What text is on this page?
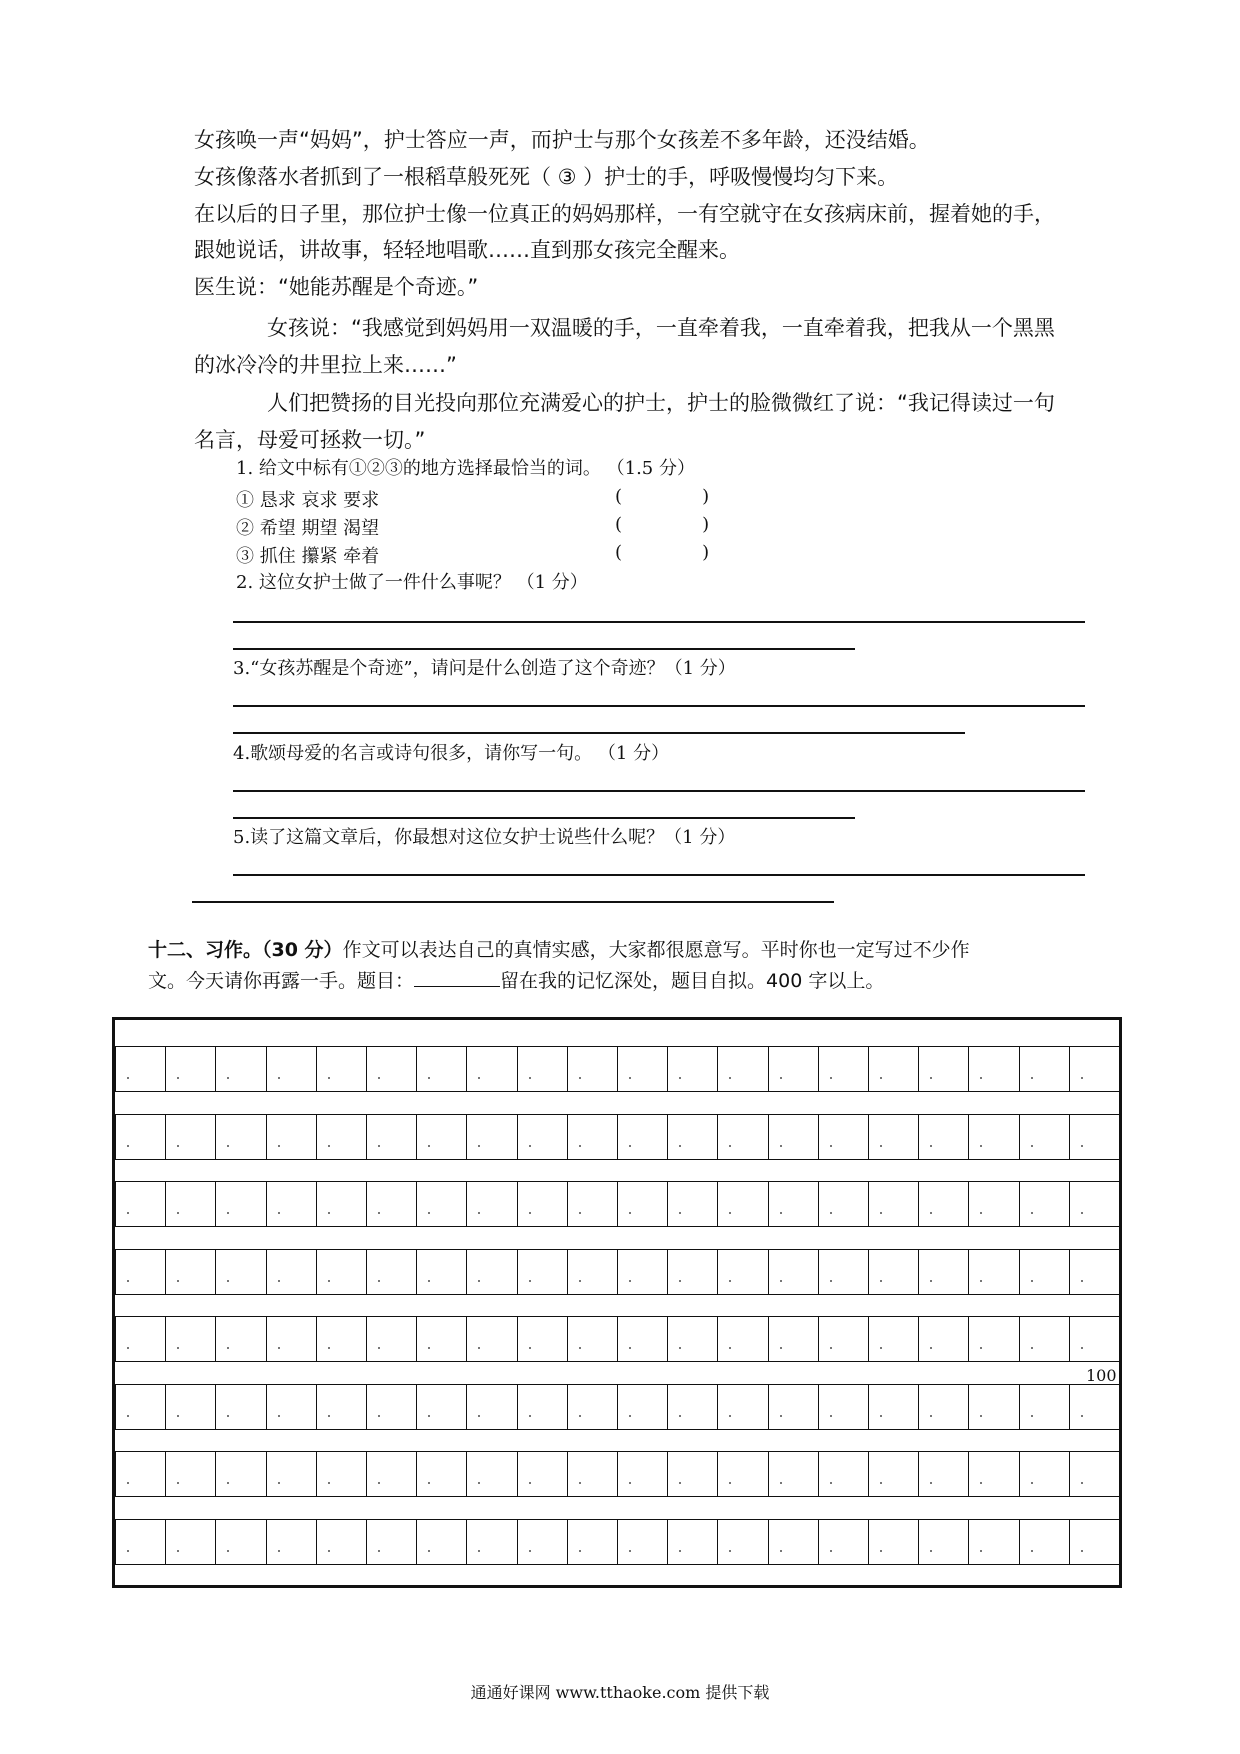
女孩唤一声“妈妈”，护士答应一声，而护士与那个女孩差不多年龄，还没结婚。
女孩像落水者抓到了一根稻草般死死（ ③ ）护士的手，呼吸慢慢均匀下来。
在以后的日子里，那位护士像一位真正的妈妈那样，一有空就守在女孩病床前，握着她的手，
跟她说话，讲故事，轻轻地唱歌……直到那女孩完全醒来。
医生说：“她能苏醒是个奇迹。”
女孩说：“我感觉到妈妈用一双温暖的手，一直牵着我，一直牵着我，把我从一个黑黑
的冰冷冷的井里拉上来……”
人们把赞扬的目光投向那位充满爱心的护士，护士的脸微微红了说：“我记得读过一句
名言，母爱可拯救一切。”
1. 给文中标有①②③的地方选择最恰当的词。 （1.5 分）
① 恳求 哀求 要求	(              )
② 希望 期望 渴望	(              )
③ 抓住 攥紧 牵着	(              )
2. 这位女护士做了一件什么事呢？ （1 分）
3.“女孩苏醒是个奇迹”，请问是什么创造了这个奇迹？（1 分）
4.歌颂母爱的名言或诗句很多，请你写一句。 （1 分）
5.读了这篇文章后，你最想对这位女护士说些什么呢？（1 分）
十二、习作。（30 分）作文可以表达自己的真情实感，大家都很愿意写。平时你也一定写过不少作
文。今天请你再露一手。题目：	留在我的记忆深处，题目自拟。400 字以上。
100
通通好课网 www.tthaoke.com 提供下载
